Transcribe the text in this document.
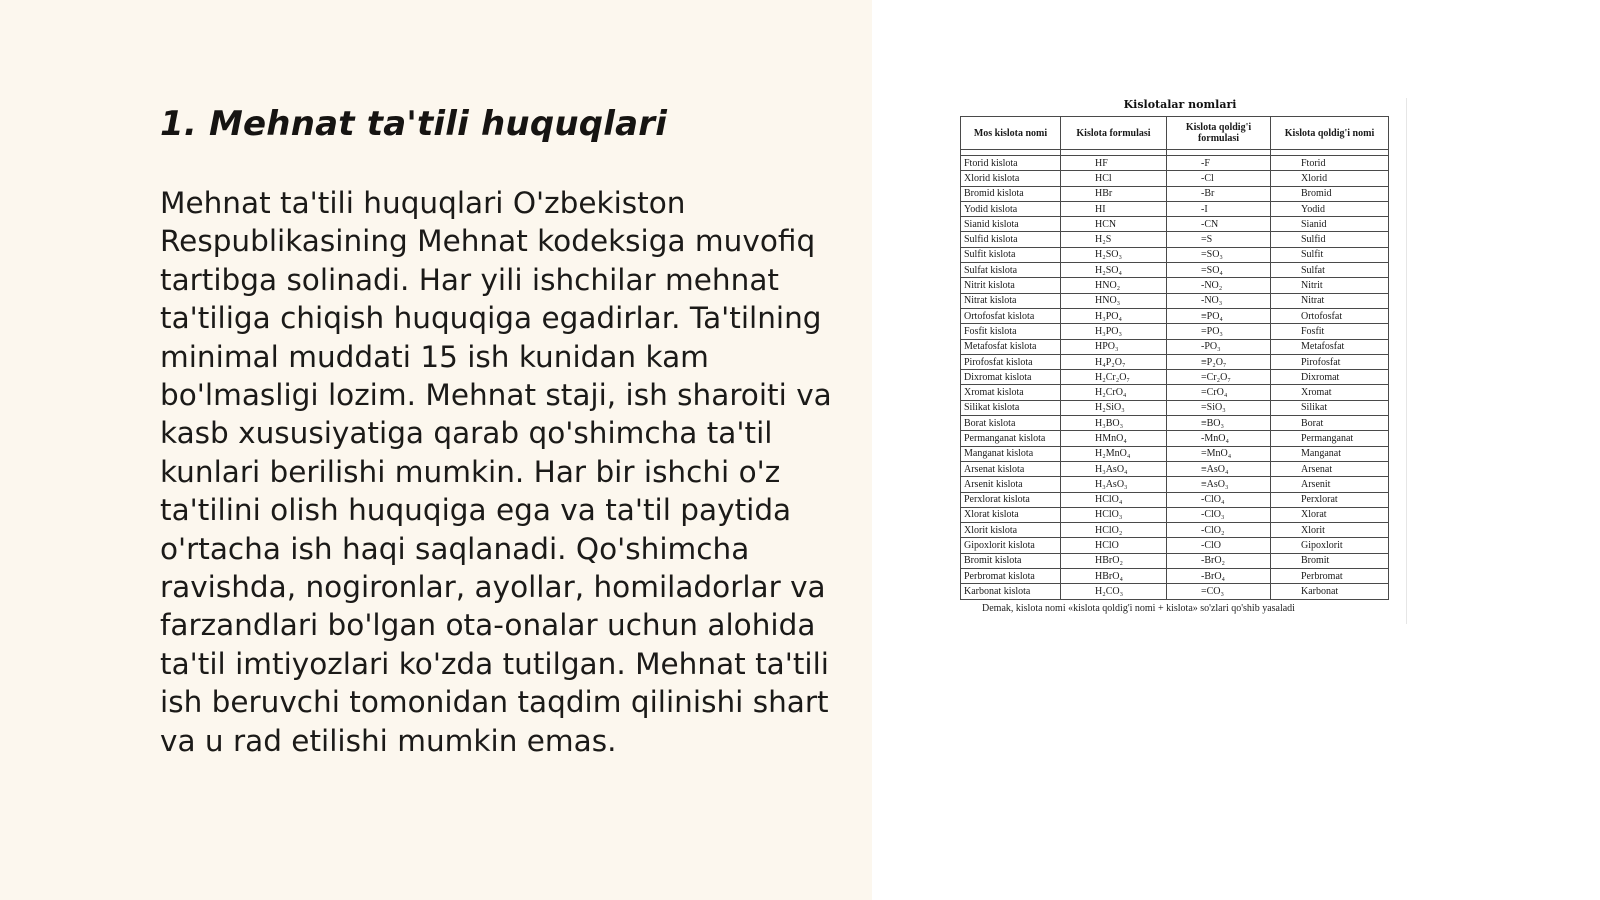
1. Mehnat ta'tili huquqlari

Mehnat ta'tili huquqlari O'zbekiston Respublikasining Mehnat kodeksiga muvofiq tartibga solinadi. Har yili ishchilar mehnat ta'tiliga chiqish huquqiga egadirlar. Ta'tilning minimal muddati 15 ish kunidan kam bo'lmasligi lozim. Mehnat staji, ish sharoiti va kasb xususiyatiga qarab qo'shimcha ta'til kunlari berilishi mumkin. Har bir ishchi o'z ta'tilini olish huquqiga ega va ta'til paytida o'rtacha ish haqi saqlanadi. Qo'shimcha ravishda, nogironlar, ayollar, homiladorlar va farzandlari bo'lgan ota-onalar uchun alohida ta'til imtiyozlari ko'zda tutilgan. Mehnat ta'tili ish beruvchi tomonidan taqdim qilinishi shart va u rad etilishi mumkin emas.

Kislotalar nomlari
Mos kislota nomi	Kislota formulasi	Kislota qoldig'i formulasi	Kislota qoldig'i nomi

Ftorid kislota	HF	-F	Ftorid
Xlorid kislota	HCl	-Cl	Xlorid
Bromid kislota	HBr	-Br	Bromid
Yodid kislota	HI	-I	Yodid
Sianid kislota	HCN	-CN	Sianid
Sulfid kislota	H₂S	=S	Sulfid
Sulfit kislota	H₂SO₃	=SO₃	Sulfit
Sulfat kislota	H₂SO₄	=SO₄	Sulfat
Nitrit kislota	HNO₂	-NO₂	Nitrit
Nitrat kislota	HNO₃	-NO₃	Nitrat
Ortofosfat kislota	H₃PO₄	≡PO₄	Ortofosfat
Fosfit kislota	H₃PO₃	=PO₃	Fosfit
Metafosfat kislota	HPO₃	-PO₃	Metafosfat
Pirofosfat kislota	H₄P₂O₇	≡P₂O₇	Pirofosfat
Dixromat kislota	H₂Cr₂O₇	=Cr₂O₇	Dixromat
Xromat kislota	H₂CrO₄	=CrO₄	Xromat
Silikat kislota	H₂SiO₃	=SiO₃	Silikat
Borat kislota	H₃BO₃	≡BO₃	Borat
Permanganat kislota	HMnO₄	-MnO₄	Permanganat
Manganat kislota	H₂MnO₄	=MnO₄	Manganat
Arsenat kislota	H₃AsO₄	≡AsO₄	Arsenat
Arsenit kislota	H₃AsO₃	≡AsO₃	Arsenit
Perxlorat kislota	HClO₄	-ClO₄	Perxlorat
Xlorat kislota	HClO₃	-ClO₃	Xlorat
Xlorit kislota	HClO₂	-ClO₂	Xlorit
Gipoxlorit kislota	HClO	-ClO	Gipoxlorit
Bromit kislota	HBrO₂	-BrO₂	Bromit
Perbromat kislota	HBrO₄	-BrO₄	Perbromat
Karbonat kislota	H₂CO₃	=CO₃	Karbonat
Demak, kislota nomi «kislota qoldig'i nomi + kislota» so'zlari qo'shib yasaladi
